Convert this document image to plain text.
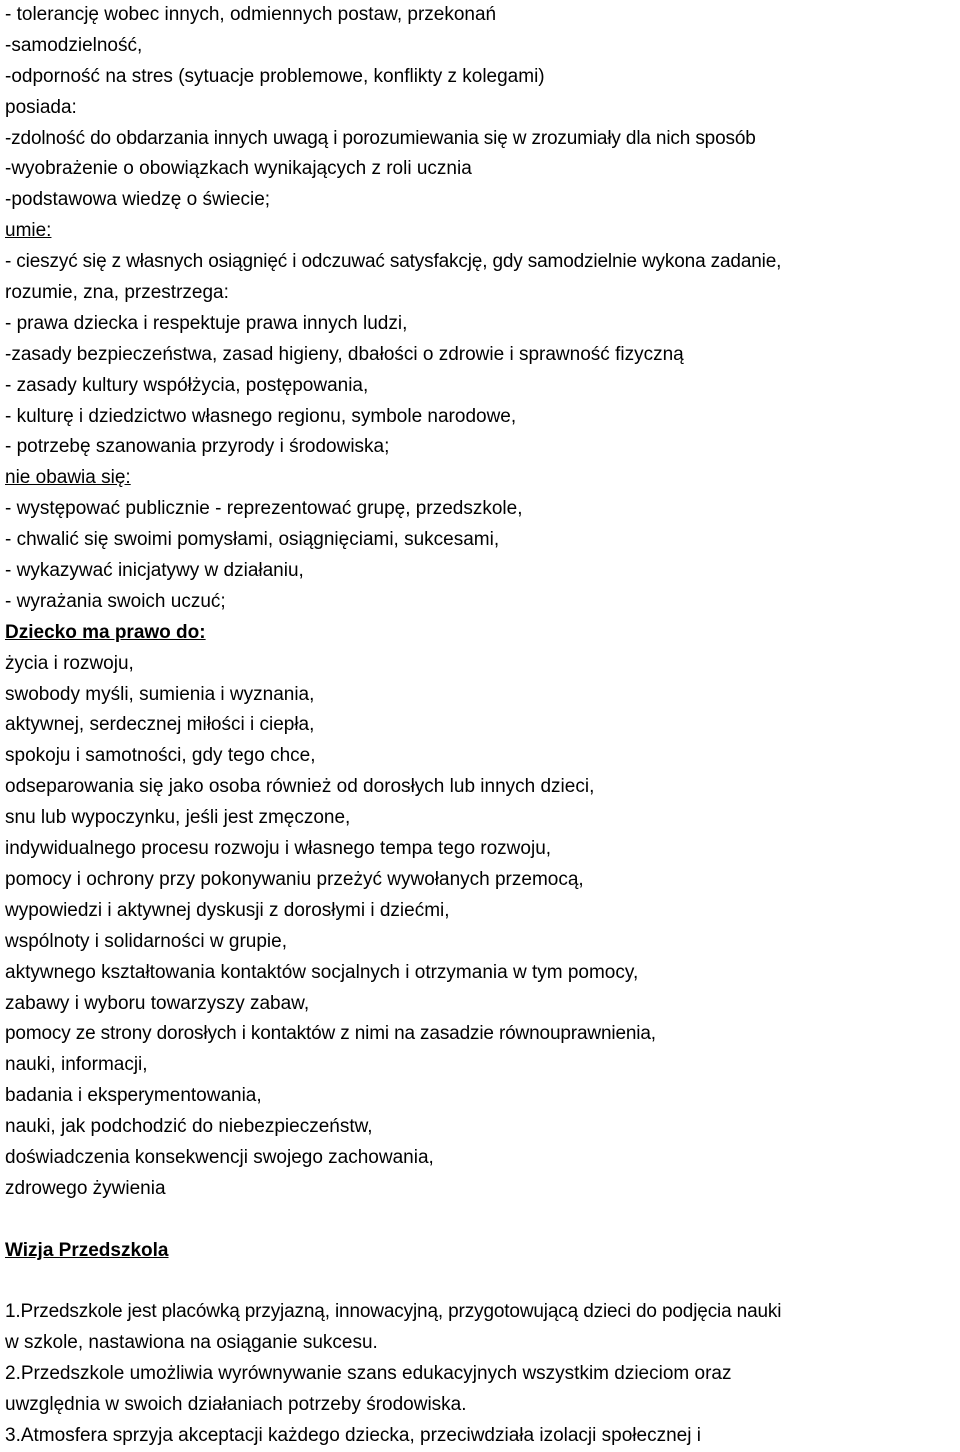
- tolerancję wobec innych, odmiennych postaw, przekonań
-samodzielność,
-odporność na stres (sytuacje problemowe, konflikty z kolegami)
posiada:
-zdolność do obdarzania innych uwagą i porozumiewania się w zrozumiały dla nich sposób
-wyobrażenie o obowiązkach wynikających z roli ucznia
-podstawowa wiedzę o świecie;
umie:
- cieszyć się z własnych osiągnięć i odczuwać satysfakcję, gdy samodzielnie wykona zadanie,
rozumie, zna, przestrzega:
- prawa dziecka i respektuje prawa innych ludzi,
-zasady bezpieczeństwa, zasad higieny, dbałości o zdrowie i sprawność fizyczną
- zasady kultury współżycia, postępowania,
- kulturę i dziedzictwo własnego regionu, symbole narodowe,
- potrzebę szanowania przyrody i środowiska;
nie obawia się:
- występować publicznie - reprezentować grupę, przedszkole,
- chwalić się swoimi pomysłami, osiągnięciami, sukcesami,
- wykazywać inicjatywy w działaniu,
- wyrażania swoich uczuć;
Dziecko ma prawo do:
życia i rozwoju,
swobody myśli, sumienia i wyznania,
aktywnej, serdecznej miłości i ciepła,
spokoju i samotności, gdy tego chce,
odseparowania się jako osoba również od dorosłych lub innych dzieci,
snu lub wypoczynku, jeśli jest zmęczone,
indywidualnego procesu rozwoju i własnego tempa tego rozwoju,
pomocy i ochrony przy pokonywaniu przeżyć wywołanych przemocą,
wypowiedzi i aktywnej dyskusji z dorosłymi i dziećmi,
wspólnoty i solidarności w grupie,
aktywnego kształtowania kontaktów socjalnych i otrzymania w tym pomocy,
zabawy i wyboru towarzyszy zabaw,
pomocy ze strony dorosłych i kontaktów z nimi na zasadzie równouprawnienia,
nauki, informacji,
badania i eksperymentowania,
nauki, jak podchodzić do niebezpieczeństw,
doświadczenia konsekwencji swojego zachowania,
zdrowego żywienia
Wizja Przedszkola
1.Przedszkole jest placówką przyjazną, innowacyjną, przygotowującą dzieci do podjęcia nauki
w szkole, nastawiona na osiąganie sukcesu.
2.Przedszkole umożliwia wyrównywanie szans edukacyjnych wszystkim dzieciom oraz
uwzględnia w swoich działaniach potrzeby środowiska.
3.Atmosfera sprzyja akceptacji każdego dziecka, przeciwdziała izolacji społecznej i
